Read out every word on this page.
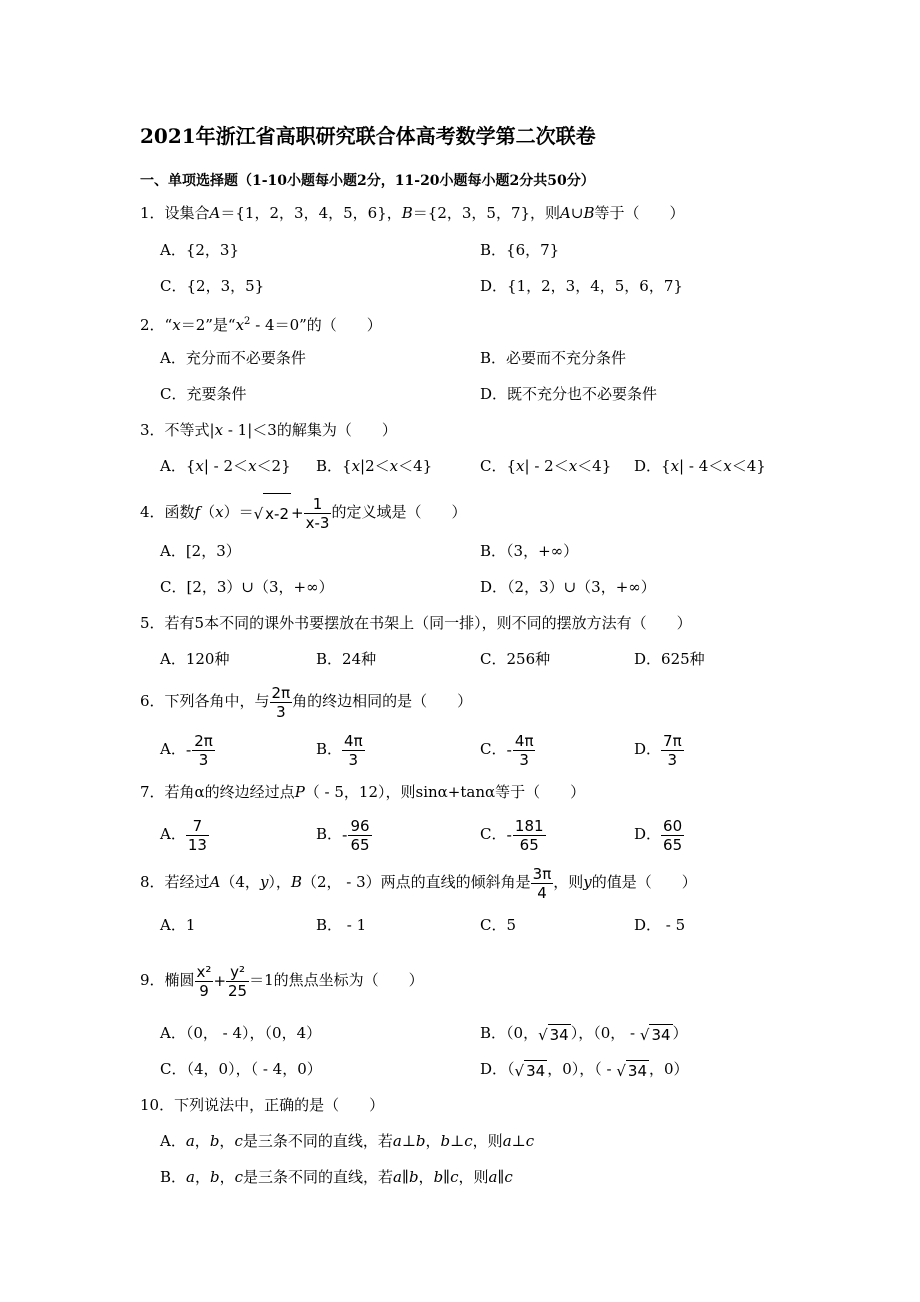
2021年浙江省高职研究联合体高考数学第二次联卷
一、单项选择题（1-10小题每小题2分，11-20小题每小题2分共50分）
1．设集合A＝{1，2，3，4，5，6}，B＝{2，3，5，7}，则A∪B等于（　　）
A．{2，3}	B．{6，7}
C．{2，3，5}	D．{1，2，3，4，5，6，7}
2．“x＝2”是“$x^2 - 4=0$”的（　　）
A．充分而不必要条件	B．必要而不充分条件
C．充要条件	D．既不充分也不必要条件
3．不等式|x - 1|＜3的解集为（　　）
A．{x| - 2＜x＜2} B．{x|2＜x＜4}	C．{x| - 2＜x＜4} D．{x| - 4＜x＜4}
4．函数f（x）＝√ $x-2 + \frac{1}{x-3}$ 的定义域是（　　）
A．[2，3）	B．（3，+∞）
C．[2，3）∪（3，+∞）	D．（2，3）∪（3，+∞）
5．若有5本不同的课外书要摆放在书架上（同一排），则不同的摆放方法有（　　）
A．120种	B．24种	C．256种	D．625种
6．下列各角中，与 $\frac{2\pi}{3}$ 角的终边相同的是（　　）
A．- $\frac{2\pi}{3}$	B． $\frac{4\pi}{3}$	C．- $\frac{4\pi}{3}$	D． $\frac{7\pi}{3}$
7．若角α的终边经过点P（ - 5，12），则sinα+tanα等于（　　）
A． $\frac{7}{13}$	B．- $\frac{96}{65}$	C．- $\frac{181}{65}$	D． $\frac{60}{65}$
8．若经过A（4，y），B（2， - 3）两点的直线的倾斜角是 $\frac{3\pi}{4}$ ，则y的值是（　　）
A．1	B． - 1	C．5	D． - 5
9．椭圆 $\frac{\text{x²}}{9} + \frac{\text{y²}}{25} =1$的焦点坐标为（　　）
A．（0， - 4），（0，4）	B．（0，√ 34 ），（0， - √ 34 ）
C．（4，0），（ - 4，0）	D．（√ 34 ，0），（ - √ 34 ，0）
10．下列说法中，正确的是（　　）
A．a，b，c是三条不同的直线，若a⊥b，b⊥c，则a⊥c
B．a，b，c是三条不同的直线，若a∥b，b∥c，则a∥c
